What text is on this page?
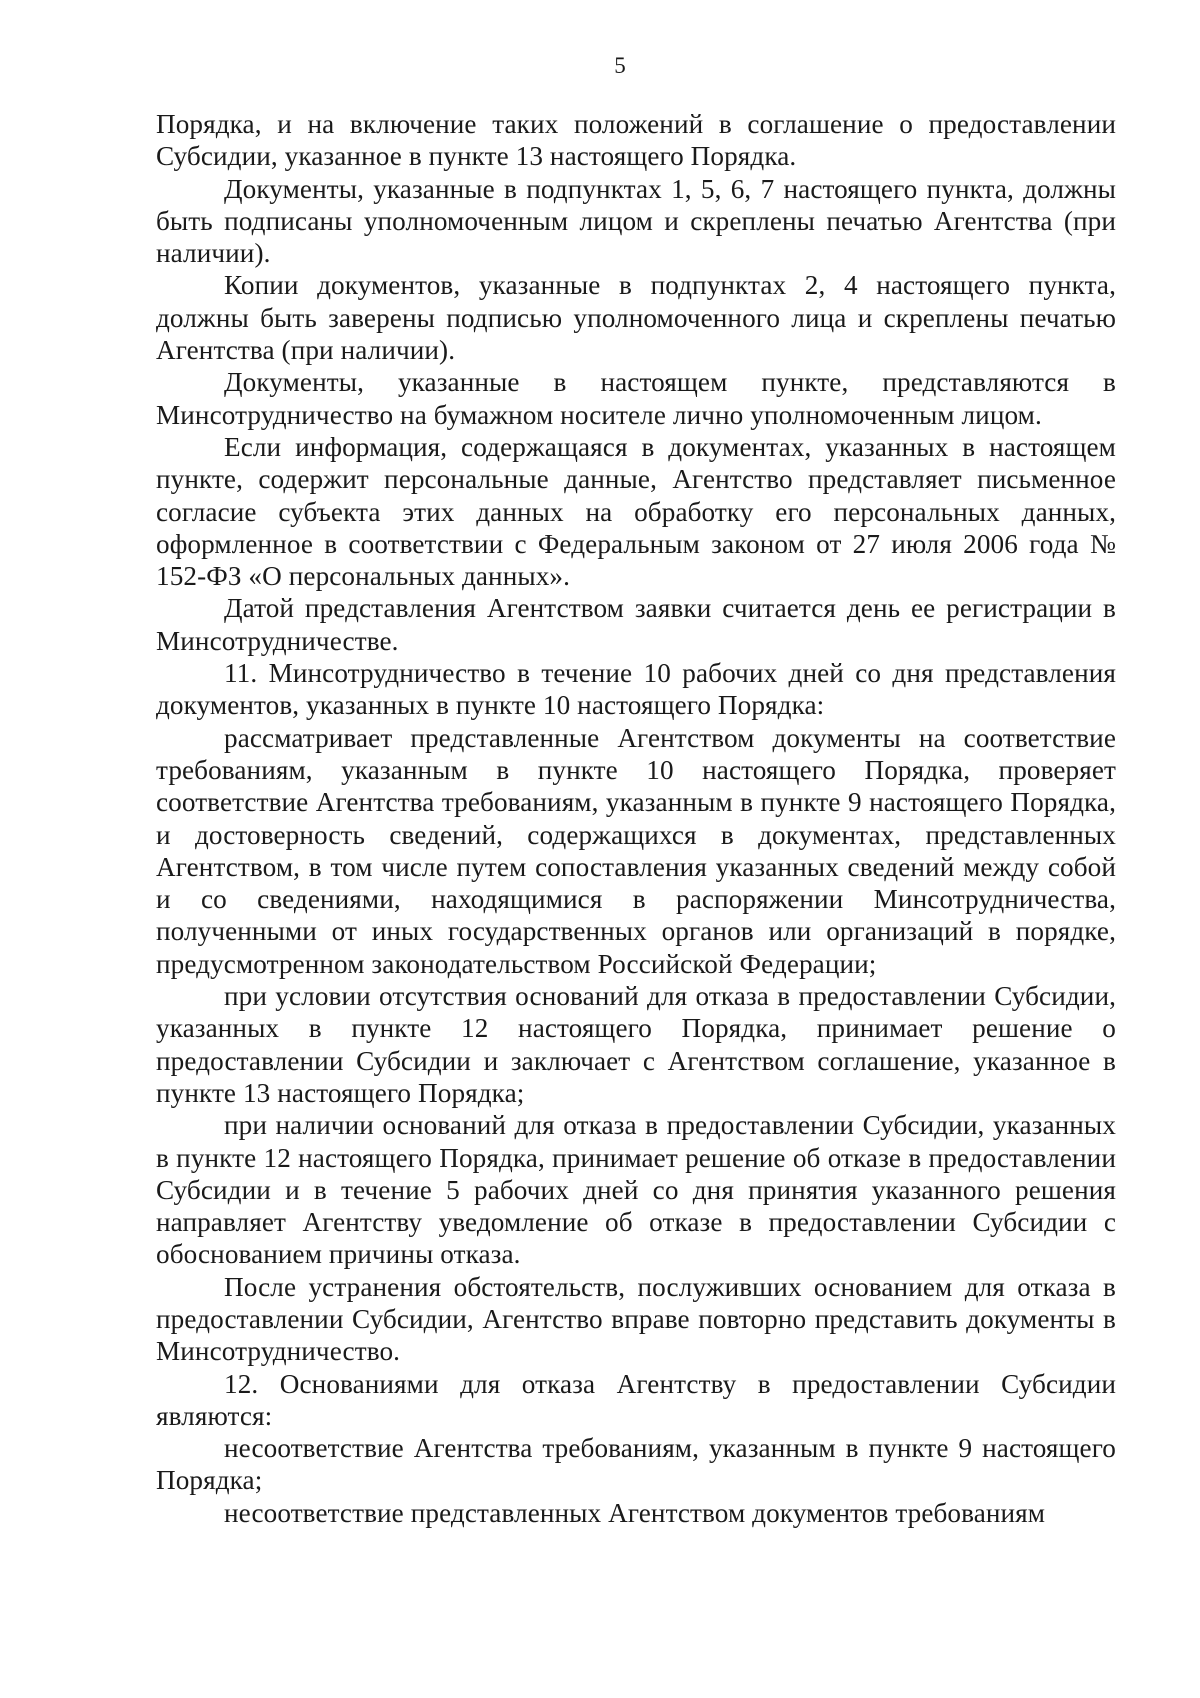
5

Порядка, и на включение таких положений в соглашение о предоставлении Субсидии, указанное в пункте 13 настоящего Порядка.

Документы, указанные в подпунктах 1, 5, 6, 7 настоящего пункта, должны быть подписаны уполномоченным лицом и скреплены печатью Агентства (при наличии).

Копии документов, указанные в подпунктах 2, 4 настоящего пункта, должны быть заверены подписью уполномоченного лица и скреплены печатью Агентства (при наличии).

Документы, указанные в настоящем пункте, представляются в Минсотрудничество на бумажном носителе лично уполномоченным лицом.

Если информация, содержащаяся в документах, указанных в настоящем пункте, содержит персональные данные, Агентство представляет письменное согласие субъекта этих данных на обработку его персональных данных, оформленное в соответствии с Федеральным законом от 27 июля 2006 года № 152-ФЗ «О персональных данных».

Датой представления Агентством заявки считается день ее регистрации в Минсотрудничестве.

11. Минсотрудничество в течение 10 рабочих дней со дня представления документов, указанных в пункте 10 настоящего Порядка:

рассматривает представленные Агентством документы на соответствие требованиям, указанным в пункте 10 настоящего Порядка, проверяет соответствие Агентства требованиям, указанным в пункте 9 настоящего Порядка, и достоверность сведений, содержащихся в документах, представленных Агентством, в том числе путем сопоставления указанных сведений между собой и со сведениями, находящимися в распоряжении Минсотрудничества, полученными от иных государственных органов или организаций в порядке, предусмотренном законодательством Российской Федерации;

при условии отсутствия оснований для отказа в предоставлении Субсидии, указанных в пункте 12 настоящего Порядка, принимает решение о предоставлении Субсидии и заключает с Агентством соглашение, указанное в пункте 13 настоящего Порядка;

при наличии оснований для отказа в предоставлении Субсидии, указанных в пункте 12 настоящего Порядка, принимает решение об отказе в предоставлении Субсидии и в течение 5 рабочих дней со дня принятия указанного решения направляет Агентству уведомление об отказе в предоставлении Субсидии с обоснованием причины отказа.

После устранения обстоятельств, послуживших основанием для отказа в предоставлении Субсидии, Агентство вправе повторно представить документы в Минсотрудничество.

12. Основаниями для отказа Агентству в предоставлении Субсидии являются:

несоответствие Агентства требованиям, указанным в пункте 9 настоящего Порядка;

несоответствие представленных Агентством документов требованиям
